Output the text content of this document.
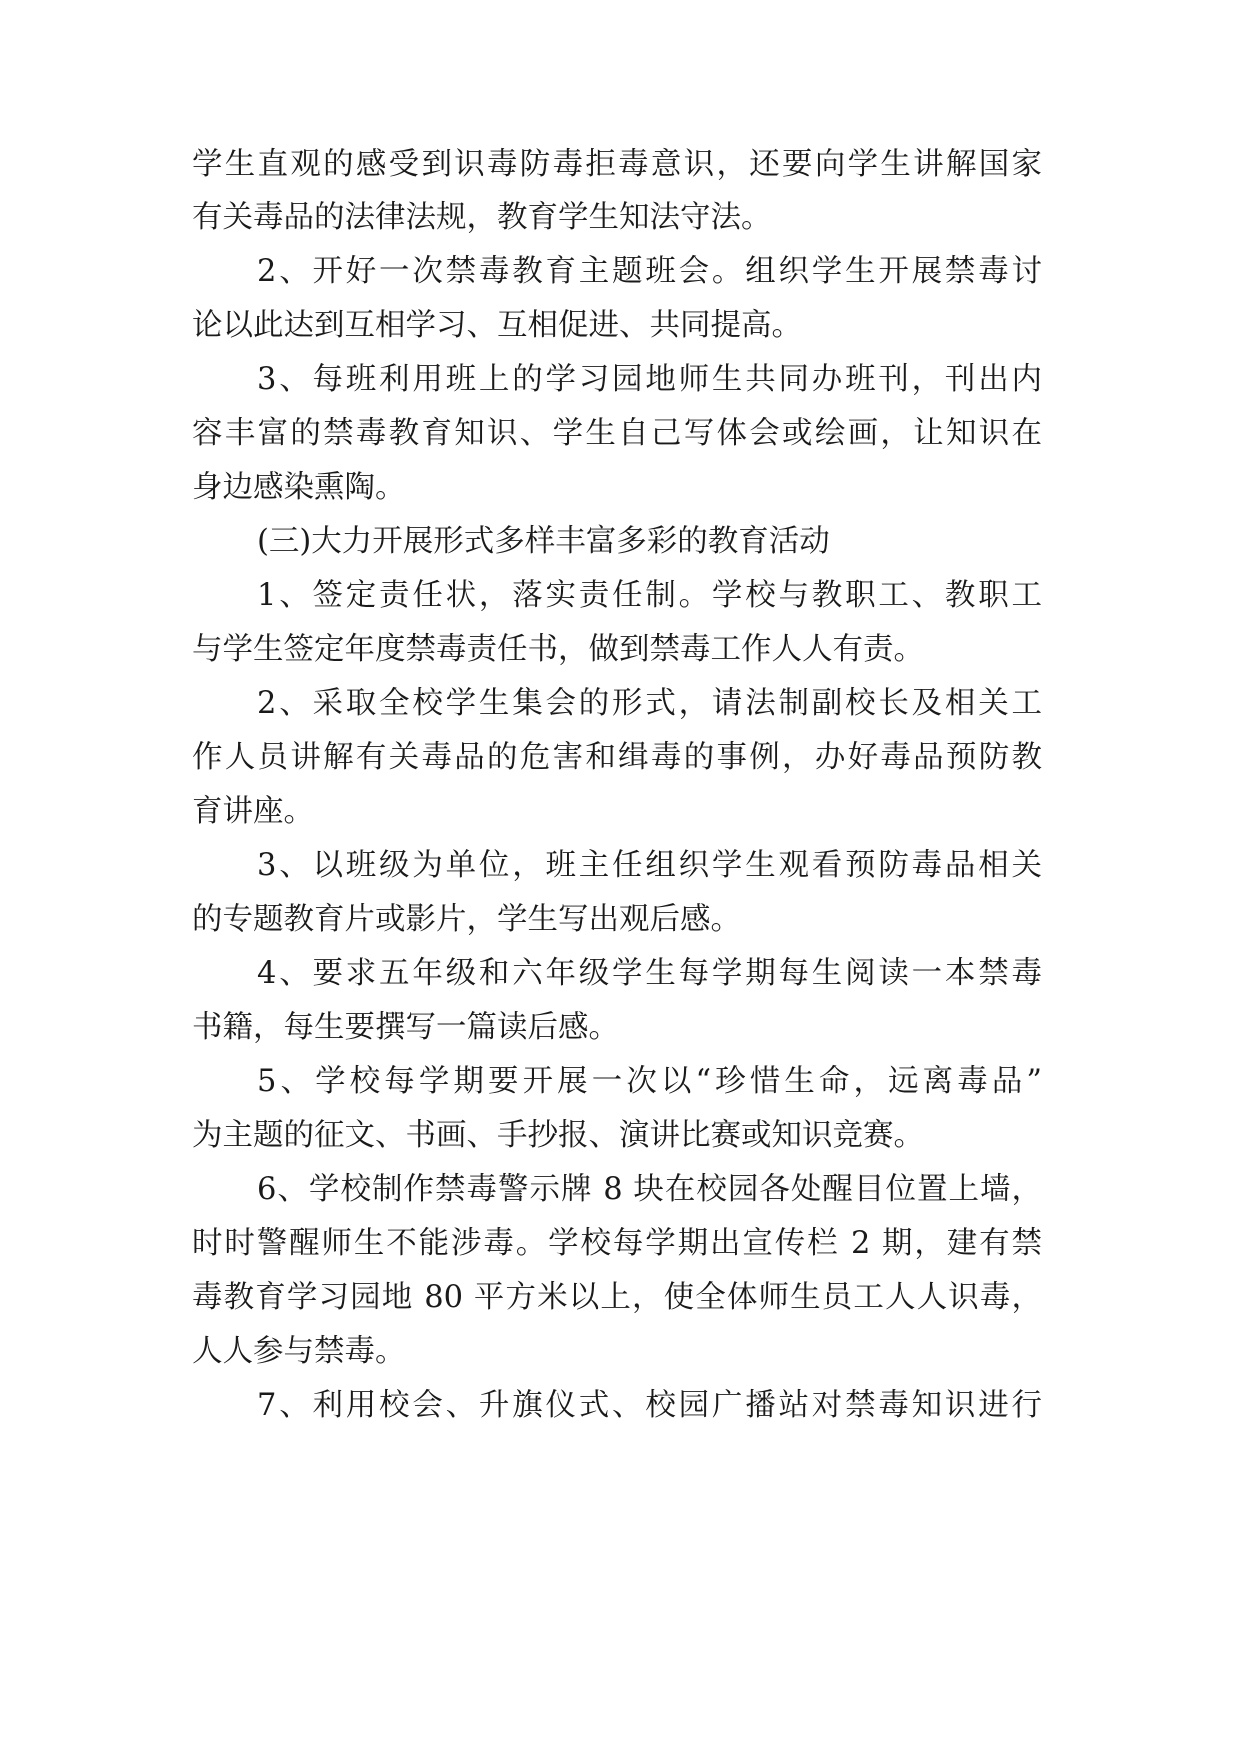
学生直观的感受到识毒防毒拒毒意识，还要向学生讲解国家

有关毒品的法律法规，教育学生知法守法。

2、开好一次禁毒教育主题班会。组织学生开展禁毒讨

论以此达到互相学习、互相促进、共同提高。

3、每班利用班上的学习园地师生共同办班刊，刊出内

容丰富的禁毒教育知识、学生自己写体会或绘画，让知识在

身边感染熏陶。

(三)大力开展形式多样丰富多彩的教育活动

1、签定责任状，落实责任制。学校与教职工、教职工

与学生签定年度禁毒责任书，做到禁毒工作人人有责。

2、采取全校学生集会的形式，请法制副校长及相关工

作人员讲解有关毒品的危害和缉毒的事例，办好毒品预防教

育讲座。

3、以班级为单位，班主任组织学生观看预防毒品相关

的专题教育片或影片，学生写出观后感。

4、要求五年级和六年级学生每学期每生阅读一本禁毒

书籍，每生要撰写一篇读后感。

5、学校每学期要开展一次以“珍惜生命，远离毒品”

为主题的征文、书画、手抄报、演讲比赛或知识竞赛。

6、学校制作禁毒警示牌 8 块在校园各处醒目位置上墙，

时时警醒师生不能涉毒。学校每学期出宣传栏 2 期，建有禁

毒教育学习园地 80 平方米以上，使全体师生员工人人识毒，

人人参与禁毒。

7、利用校会、升旗仪式、校园广播站对禁毒知识进行
